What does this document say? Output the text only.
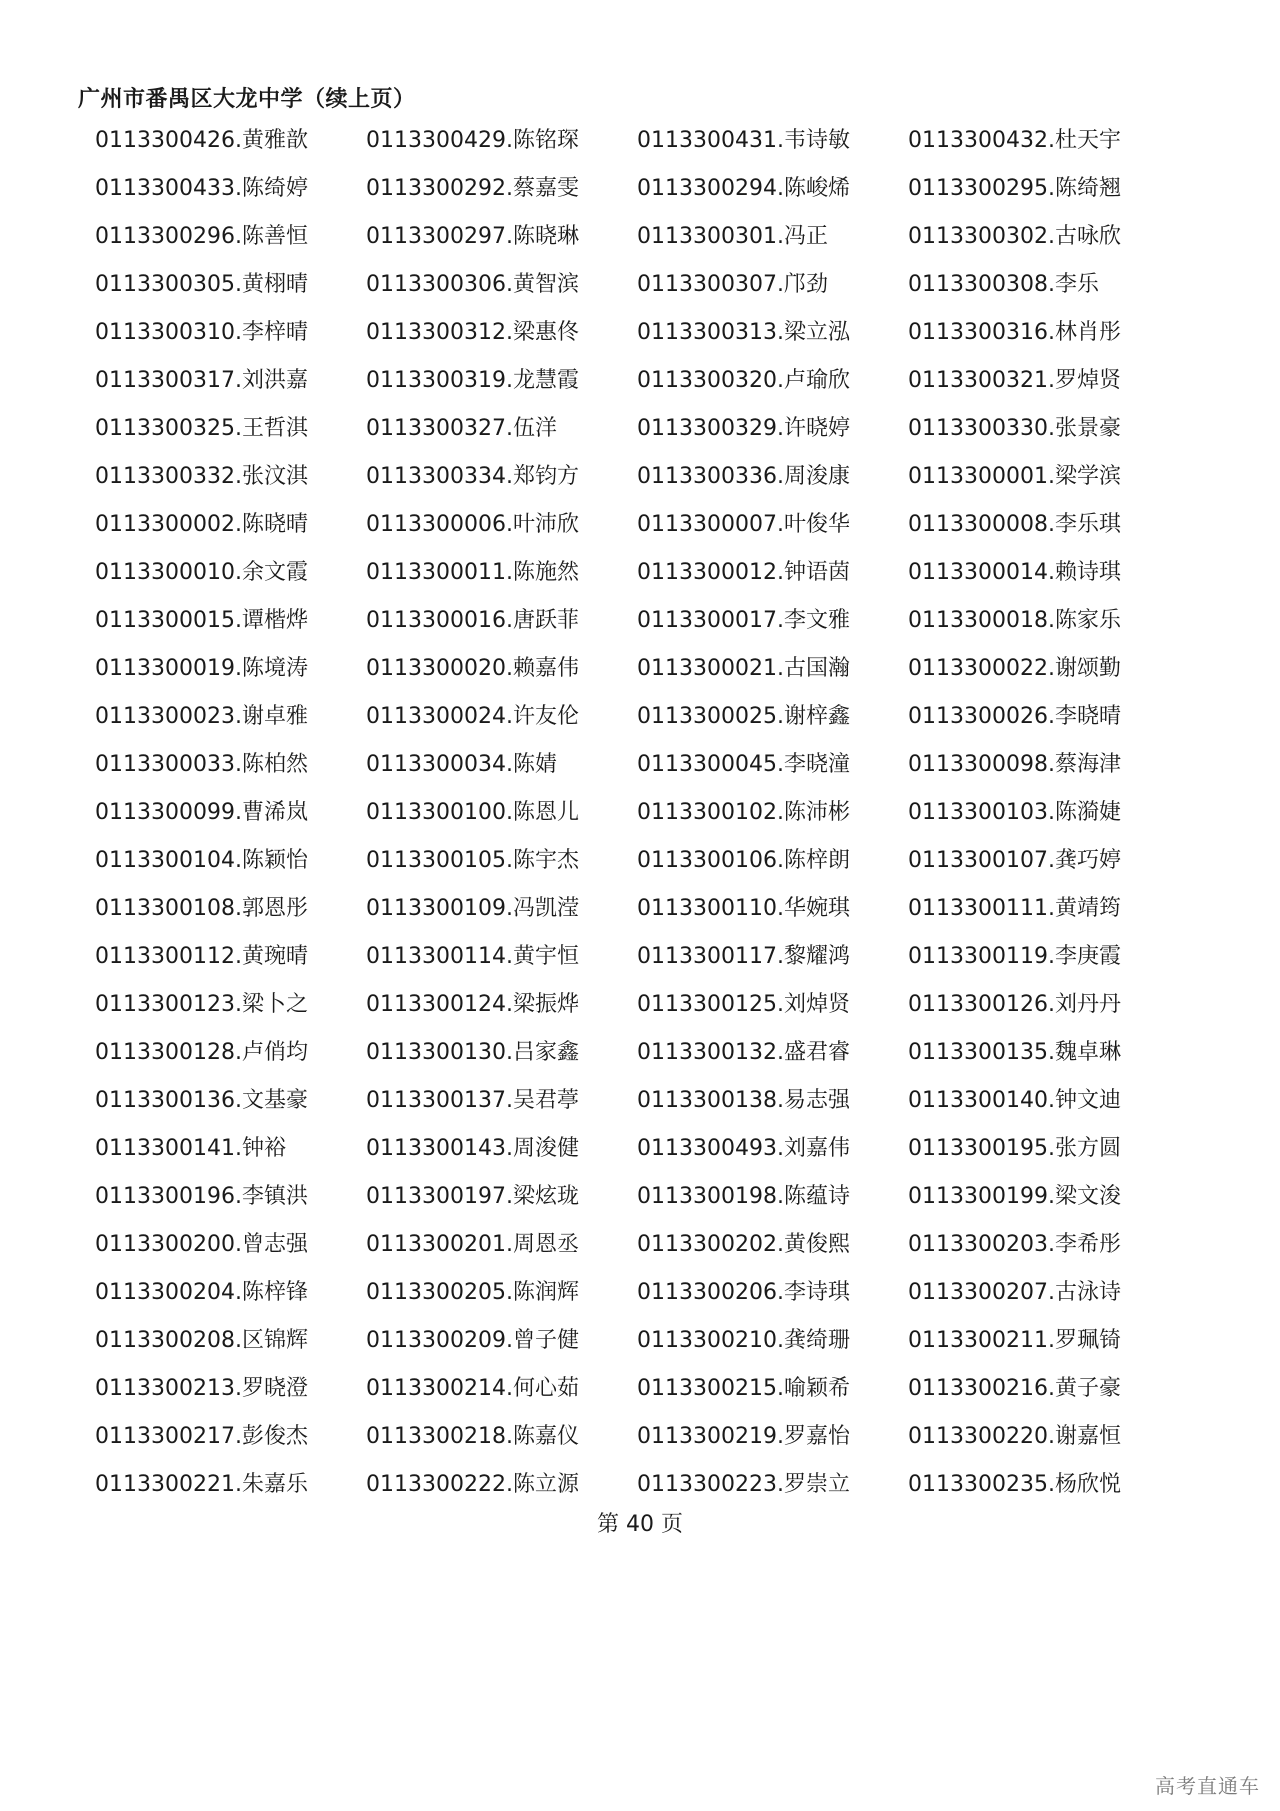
广州市番禺区大龙中学（续上页）
0113300426.黄雅歆	0113300429.陈铭琛	0113300431.韦诗敏	0113300432.杜天宇
0113300433.陈绮婷	0113300292.蔡嘉雯	0113300294.陈峻烯	0113300295.陈绮翘
0113300296.陈善恒	0113300297.陈晓琳	0113300301.冯正	0113300302.古咏欣
0113300305.黄栩晴	0113300306.黄智滨	0113300307.邝劲	0113300308.李乐
0113300310.李梓晴	0113300312.梁惠佟	0113300313.梁立泓	0113300316.林肖彤
0113300317.刘洪嘉	0113300319.龙慧霞	0113300320.卢瑜欣	0113300321.罗焯贤
0113300325.王哲淇	0113300327.伍洋	0113300329.许晓婷	0113300330.张景豪
0113300332.张汶淇	0113300334.郑钧方	0113300336.周浚康	0113300001.梁学滨
0113300002.陈晓晴	0113300006.叶沛欣	0113300007.叶俊华	0113300008.李乐琪
0113300010.余文霞	0113300011.陈施然	0113300012.钟语茵	0113300014.赖诗琪
0113300015.谭楷烨	0113300016.唐跃菲	0113300017.李文雅	0113300018.陈家乐
0113300019.陈境涛	0113300020.赖嘉伟	0113300021.古国瀚	0113300022.谢颂勤
0113300023.谢卓雅	0113300024.许友伦	0113300025.谢梓鑫	0113300026.李晓晴
0113300033.陈柏然	0113300034.陈婧	0113300045.李晓潼	0113300098.蔡海津
0113300099.曹浠岚	0113300100.陈恩儿	0113300102.陈沛彬	0113300103.陈漪婕
0113300104.陈颖怡	0113300105.陈宇杰	0113300106.陈梓朗	0113300107.龚巧婷
0113300108.郭恩彤	0113300109.冯凯滢	0113300110.华婉琪	0113300111.黄靖筠
0113300112.黄琬晴	0113300114.黄宇恒	0113300117.黎耀鸿	0113300119.李庚霞
0113300123.梁卜之	0113300124.梁振烨	0113300125.刘焯贤	0113300126.刘丹丹
0113300128.卢俏均	0113300130.吕家鑫	0113300132.盛君睿	0113300135.魏卓琳
0113300136.文基豪	0113300137.吴君葶	0113300138.易志强	0113300140.钟文迪
0113300141.钟裕	0113300143.周浚健	0113300493.刘嘉伟	0113300195.张方圆
0113300196.李镇洪	0113300197.梁炫珑	0113300198.陈蕴诗	0113300199.梁文浚
0113300200.曾志强	0113300201.周恩丞	0113300202.黄俊熙	0113300203.李希彤
0113300204.陈梓锋	0113300205.陈润辉	0113300206.李诗琪	0113300207.古泳诗
0113300208.区锦辉	0113300209.曾子健	0113300210.龚绮珊	0113300211.罗珮锜
0113300213.罗晓澄	0113300214.何心茹	0113300215.喻颖希	0113300216.黄子豪
0113300217.彭俊杰	0113300218.陈嘉仪	0113300219.罗嘉怡	0113300220.谢嘉恒
0113300221.朱嘉乐	0113300222.陈立源	0113300223.罗崇立	0113300235.杨欣悦
第 40 页
高考直通车
